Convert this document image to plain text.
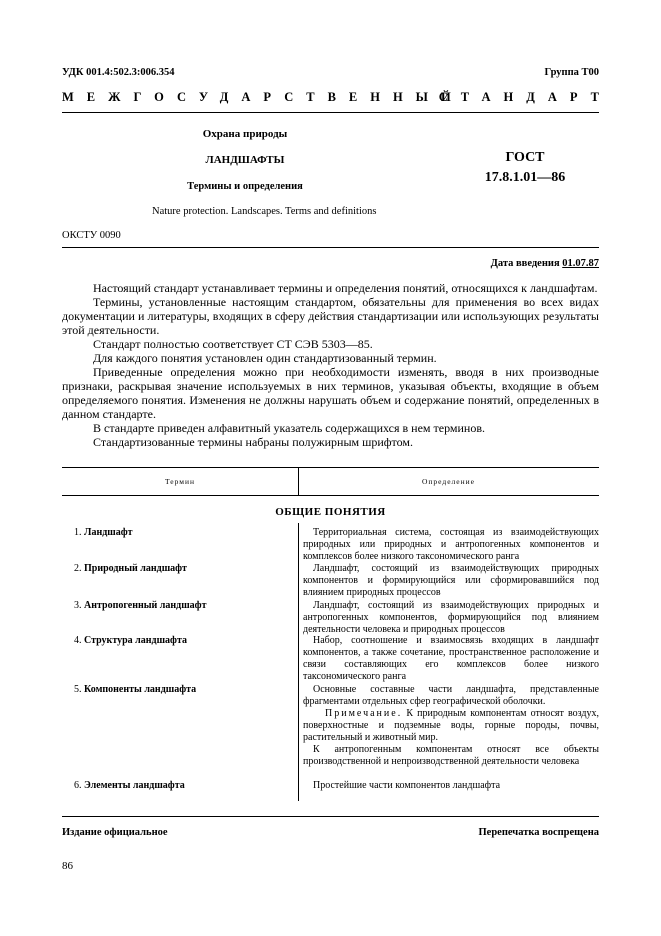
УДК 001.4:502.3:006.354	Группа Т00
МЕЖГОСУДАРСТВЕННЫЙ
СТАНДАРТ
Охрана природы
ЛАНДШАФТЫ
Термины и определения
ГОСТ
17.8.1.01—86
Nature protection. Landscapes. Terms and definitions
ОКСТУ 0090
Дата введения 01.07.87

Настоящий стандарт устанавливает термины и определения понятий, относящихся к ландшафтам.

Термины, установленные настоящим стандартом, обязательны для применения во всех видах документации и литературы, входящих в сферу действия стандартизации или использующих результаты этой деятельности.

Стандарт полностью соответствует СТ СЭВ 5303—85.

Для каждого понятия установлен один стандартизованный термин.

Приведенные определения можно при необходимости изменять, вводя в них производные признаки, раскрывая значение используемых в них терминов, указывая объекты, входящие в объем определяемого понятия. Изменения не должны нарушать объем и содержание понятий, определенных в данном стандарте.

В стандарте приведен алфавитный указатель содержащихся в нем терминов.

Стандартизованные термины набраны полужирным шрифтом.

Термин	Определение
ОБЩИЕ ПОНЯТИЯ
1. Ландшафт	Территориальная система, состоящая из взаимодействующих природных или природных и антропогенных компонентов и комплексов более низкого таксономического ранга

2. Природный ландшафт	Ландшафт, состоящий из взаимодействующих природных компонентов и формирующийся или сформировавшийся под влиянием природных процессов

3. Антропогенный ландшафт	Ландшафт, состоящий из взаимодействующих природных и антропогенных компонентов, формирующийся под влиянием деятельности человека и природных процессов

4. Структура ландшафта	Набор, соотношение и взаимосвязь входящих в ландшафт компонентов, а также сочетание, пространственное расположение и связи составляющих его комплексов более низкого таксономического ранга

5. Компоненты ландшафта	Основные составные части ландшафта, представленные фрагментами отдельных сфер географической оболочки.

Примечание. К природным компонентам относят воздух, поверхностные и подземные воды, горные породы, почвы, растительный и животный мир.

К антропогенным компонентам относят все объекты производственной и непроизводственной деятельности человека

6. Элементы ландшафта	Простейшие части компонентов ландшафта

Издание официальное	Перепечатка воспрещена
86
